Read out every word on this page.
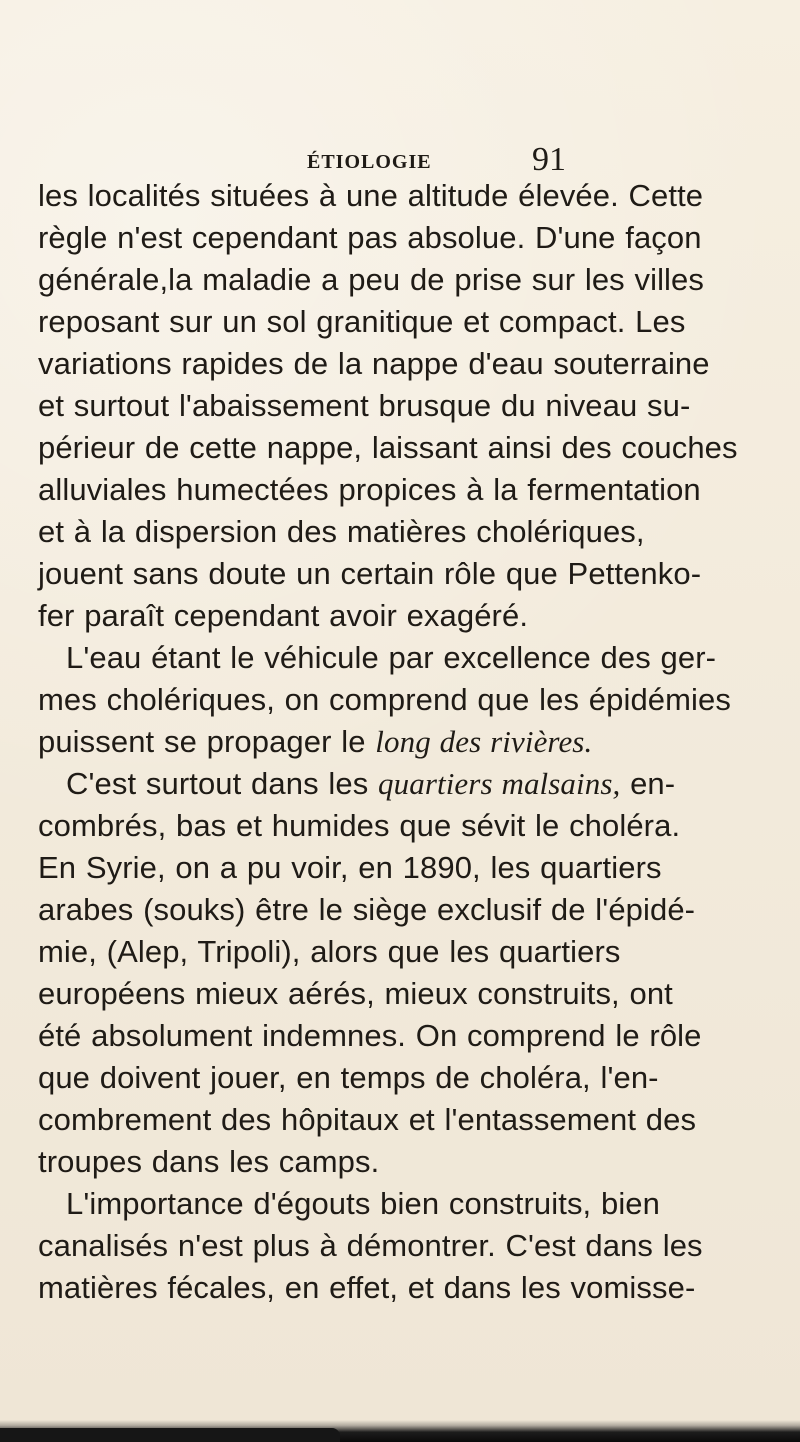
ÉTIOLOGIE	91
les localités situées à une altitude élevée. Cette
règle n'est cependant pas absolue. D'une façon
générale,la maladie a peu de prise sur les villes
reposant sur un sol granitique et compact. Les
variations rapides de la nappe d'eau souterraine
et surtout l'abaissement brusque du niveau su-
périeur de cette nappe, laissant ainsi des couches
alluviales humectées propices à la fermentation
et à la dispersion des matières cholériques,
jouent sans doute un certain rôle que Pettenko-
fer paraît cependant avoir exagéré.
L'eau étant le véhicule par excellence des ger-
mes cholériques, on comprend que les épidémies
puissent se propager le long des rivières.
C'est surtout dans les quartiers malsains, en-
combrés, bas et humides que sévit le choléra.
En Syrie, on a pu voir, en 1890, les quartiers
arabes (souks) être le siège exclusif de l'épidé-
mie, (Alep, Tripoli), alors que les quartiers
européens mieux aérés, mieux construits, ont
été absolument indemnes. On comprend le rôle
que doivent jouer, en temps de choléra, l'en-
combrement des hôpitaux et l'entassement des
troupes dans les camps.
L'importance d'égouts bien construits, bien
canalisés n'est plus à démontrer. C'est dans les
matières fécales, en effet, et dans les vomisse-
